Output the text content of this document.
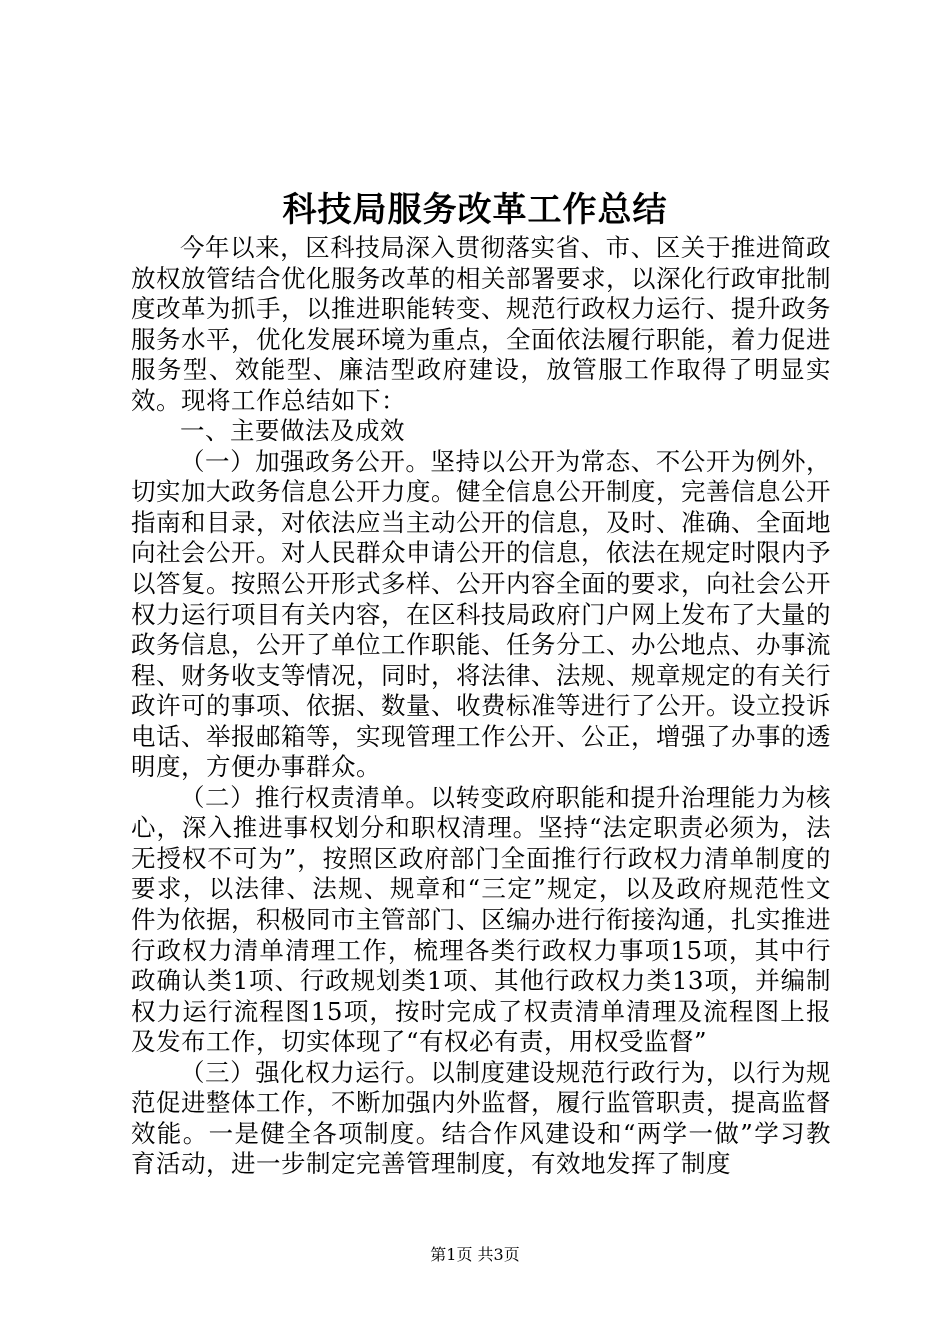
科技局服务改革工作总结

今年以来，区科技局深入贯彻落实省、市、区关于推进简政放权放管结合优化服务改革的相关部署要求，以深化行政审批制度改革为抓手，以推进职能转变、规范行政权力运行、提升政务服务水平，优化发展环境为重点，全面依法履行职能，着力促进服务型、效能型、廉洁型政府建设，放管服工作取得了明显实效。现将工作总结如下：

一、主要做法及成效

（一）加强政务公开。坚持以公开为常态、不公开为例外，切实加大政务信息公开力度。健全信息公开制度，完善信息公开指南和目录，对依法应当主动公开的信息，及时、准确、全面地向社会公开。对人民群众申请公开的信息，依法在规定时限内予以答复。按照公开形式多样、公开内容全面的要求，向社会公开权力运行项目有关内容，在区科技局政府门户网上发布了大量的政务信息，公开了单位工作职能、任务分工、办公地点、办事流程、财务收支等情况，同时，将法律、法规、规章规定的有关行政许可的事项、依据、数量、收费标准等进行了公开。设立投诉电话、举报邮箱等，实现管理工作公开、公正，增强了办事的透明度，方便办事群众。

（二）推行权责清单。以转变政府职能和提升治理能力为核心，深入推进事权划分和职权清理。坚持“法定职责必须为，法无授权不可为”，按照区政府部门全面推行行政权力清单制度的要求，以法律、法规、规章和“三定”规定，以及政府规范性文件为依据，积极同市主管部门、区编办进行衔接沟通，扎实推进行政权力清单清理工作，梳理各类行政权力事项15项，其中行政确认类1项、行政规划类1项、其他行政权力类13项，并编制权力运行流程图15项，按时完成了权责清单清理及流程图上报及发布工作，切实体现了“有权必有责，用权受监督”

（三）强化权力运行。以制度建设规范行政行为，以行为规范促进整体工作，不断加强内外监督，履行监管职责，提高监督效能。一是健全各项制度。结合作风建设和“两学一做”学习教育活动，进一步制定完善管理制度，有效地发挥了制度

第1页 共3页
